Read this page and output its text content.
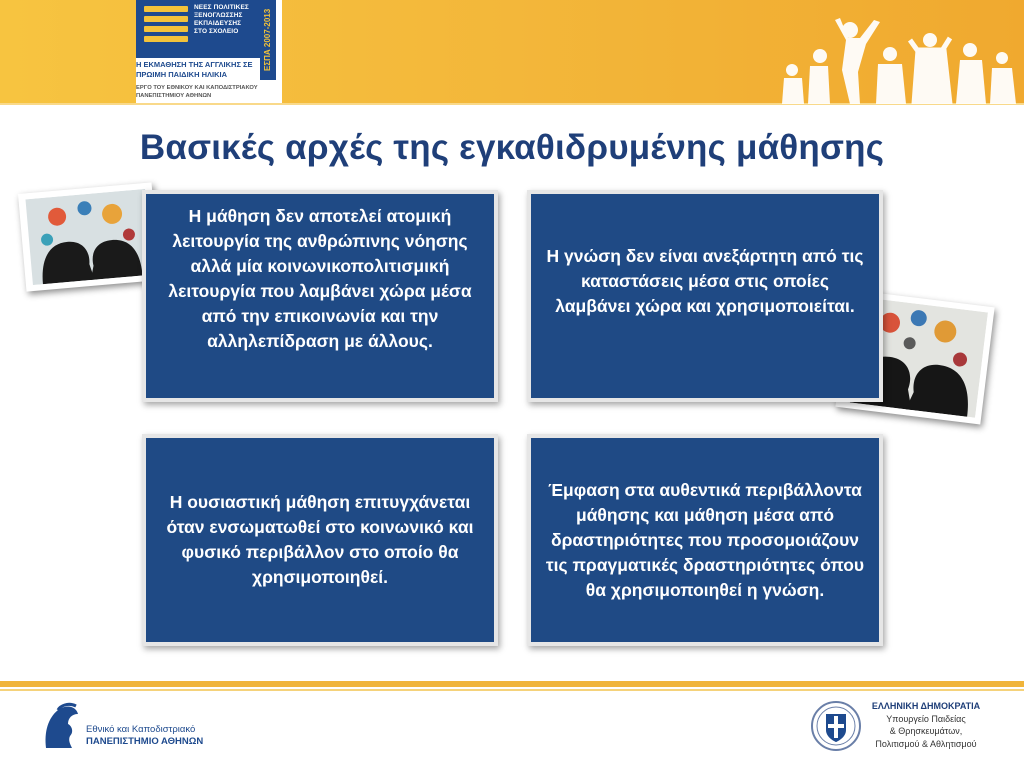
ΝΕΕΣ ΠΟΛΙΤΙΚΕΣ
ΞΕΝΟΓΛΩΣΣΗΣ
ΕΚΠΑΙΔΕΥΣΗΣ
ΣΤΟ ΣΧΟΛΕΙΟ	ΕΣΠΑ 2007-2013
Η ΕΚΜΑΘΗΣΗ ΤΗΣ ΑΓΓΛΙΚΗΣ ΣΕ
ΠΡΩΙΜΗ ΠΑΙΔΙΚΗ ΗΛΙΚΙΑ
ΕΡΓΟ ΤΟΥ ΕΘΝΙΚΟΥ ΚΑΙ ΚΑΠΟΔΙΣΤΡΙΑΚΟΥ
ΠΑΝΕΠΙΣΤΗΜΙΟΥ ΑΘΗΝΩΝ
Βασικές αρχές της εγκαθιδρυμένης μάθησης
Η μάθηση δεν αποτελεί ατομική λειτουργία της ανθρώπινης νόησης αλλά μία κοινωνικοπολιτισμική λειτουργία που λαμβάνει χώρα μέσα από την επικοινωνία και την αλληλεπίδραση με άλλους.
Η γνώση δεν είναι ανεξάρτητη από τις καταστάσεις μέσα στις οποίες λαμβάνει χώρα και χρησιμοποιείται.
Η ουσιαστική μάθηση επιτυγχάνεται όταν ενσωματωθεί στο κοινωνικό και φυσικό περιβάλλον στο οποίο θα χρησιμοποιηθεί.
Έμφαση στα αυθεντικά περιβάλλοντα μάθησης και μάθηση μέσα από δραστηριότητες που προσομοιάζουν τις πραγματικές δραστηριότητες όπου θα χρησιμοποιηθεί η γνώση.
Εθνικό και Καποδιστριακό
ΠΑΝΕΠΙΣΤΗΜΙΟ ΑΘΗΝΩΝ
ΕΛΛΗΝΙΚΗ ΔΗΜΟΚΡΑΤΙΑ
Υπουργείο Παιδείας
& Θρησκευμάτων,
Πολιτισμού & Αθλητισμού
